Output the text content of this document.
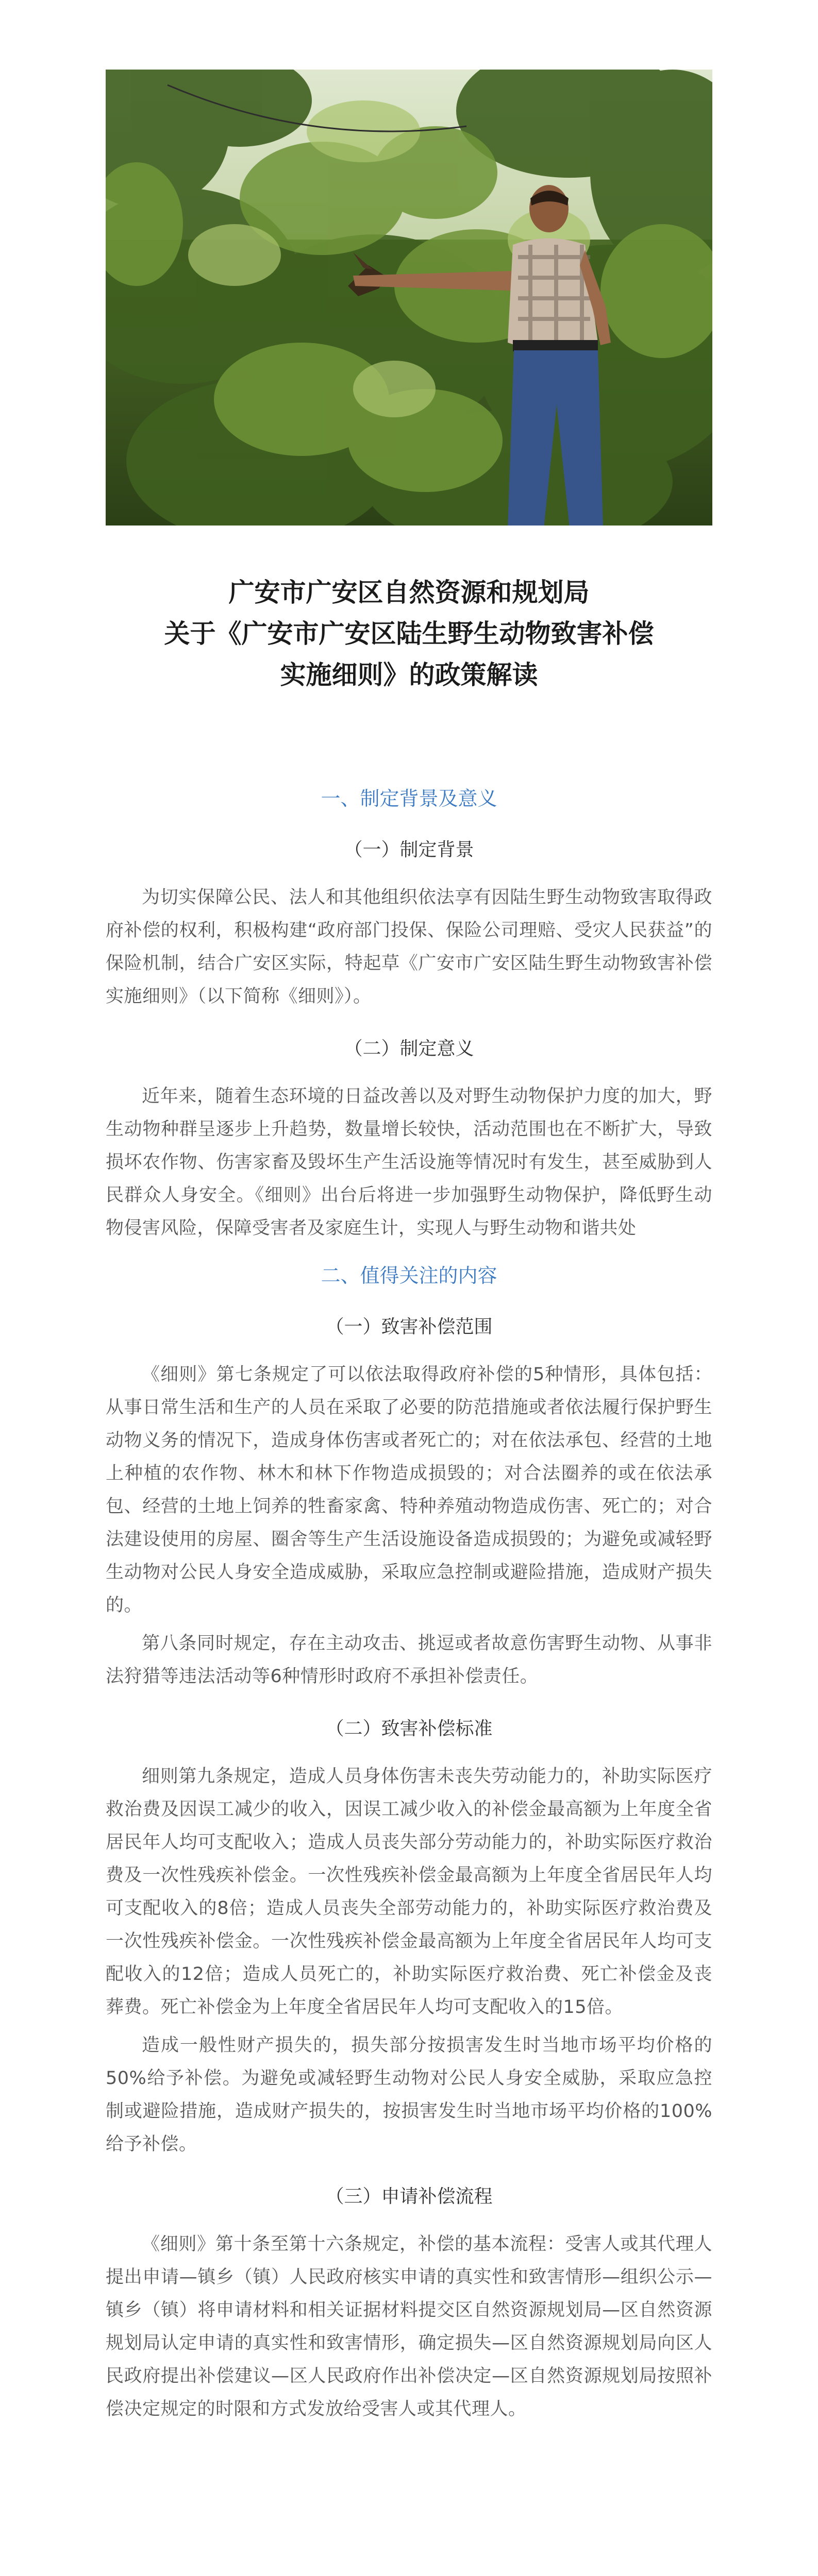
广安市广安区自然资源和规划局
关于《广安市广安区陆生野生动物致害补偿
实施细则》的政策解读
一、制定背景及意义
（一）制定背景

为切实保障公民、法人和其他组织依法享有因陆生野生动物致害取得政府补偿的权利，积极构建“政府部门投保、保险公司理赔、受灾人民获益”的保险机制，结合广安区实际，特起草《广安市广安区陆生野生动物致害补偿实施细则》（以下简称《细则》）。

（二）制定意义

近年来，随着生态环境的日益改善以及对野生动物保护力度的加大，野生动物种群呈逐步上升趋势，数量增长较快，活动范围也在不断扩大，导致损坏农作物、伤害家畜及毁坏生产生活设施等情况时有发生，甚至威胁到人民群众人身安全。《细则》出台后将进一步加强野生动物保护，降低野生动物侵害风险，保障受害者及家庭生计，实现人与野生动物和谐共处

二、值得关注的内容
（一）致害补偿范围

《细则》第七条规定了可以依法取得政府补偿的5种情形，具体包括：从事日常生活和生产的人员在采取了必要的防范措施或者依法履行保护野生动物义务的情况下，造成身体伤害或者死亡的；对在依法承包、经营的土地上种植的农作物、林木和林下作物造成损毁的；对合法圈养的或在依法承包、经营的土地上饲养的牲畜家禽、特种养殖动物造成伤害、死亡的；对合法建设使用的房屋、圈舍等生产生活设施设备造成损毁的；为避免或减轻野生动物对公民人身安全造成威胁，采取应急控制或避险措施，造成财产损失的。

第八条同时规定，存在主动攻击、挑逗或者故意伤害野生动物、从事非法狩猎等违法活动等6种情形时政府不承担补偿责任。

（二）致害补偿标准

细则第九条规定，造成人员身体伤害未丧失劳动能力的，补助实际医疗救治费及因误工减少的收入，因误工减少收入的补偿金最高额为上年度全省居民年人均可支配收入；造成人员丧失部分劳动能力的，补助实际医疗救治费及一次性残疾补偿金。一次性残疾补偿金最高额为上年度全省居民年人均可支配收入的8倍；造成人员丧失全部劳动能力的，补助实际医疗救治费及一次性残疾补偿金。一次性残疾补偿金最高额为上年度全省居民年人均可支配收入的12倍；造成人员死亡的，补助实际医疗救治费、死亡补偿金及丧葬费。死亡补偿金为上年度全省居民年人均可支配收入的15倍。

造成一般性财产损失的，损失部分按损害发生时当地市场平均价格的50%给予补偿。为避免或减轻野生动物对公民人身安全威胁，采取应急控制或避险措施，造成财产损失的，按损害发生时当地市场平均价格的100%给予补偿。

（三）申请补偿流程

《细则》第十条至第十六条规定，补偿的基本流程：受害人或其代理人提出申请—镇乡（镇）人民政府核实申请的真实性和致害情形—组织公示—镇乡（镇）将申请材料和相关证据材料提交区自然资源规划局—区自然资源规划局认定申请的真实性和致害情形，确定损失—区自然资源规划局向区人民政府提出补偿建议—区人民政府作出补偿决定—区自然资源规划局按照补偿决定规定的时限和方式发放给受害人或其代理人。
